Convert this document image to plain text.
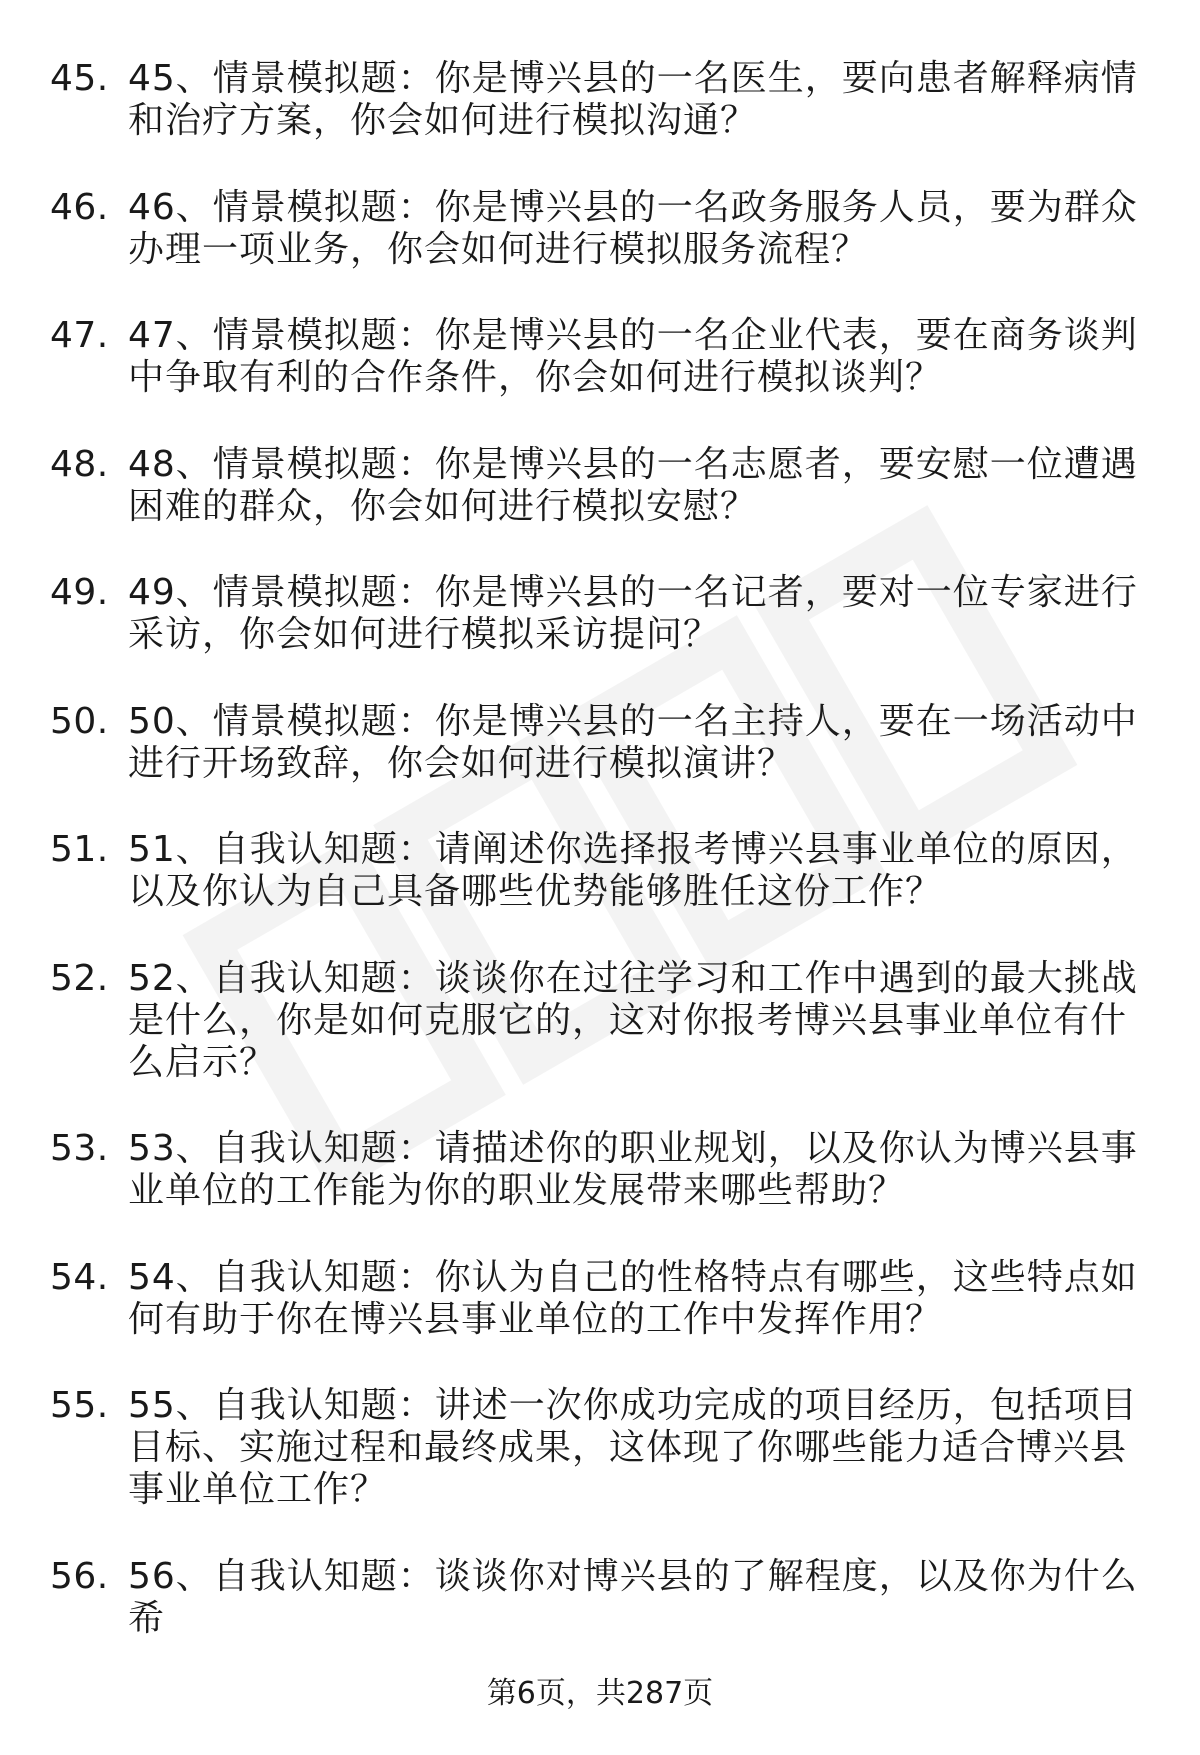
45. 45、情景模拟题：你是博兴县的一名医生，要向患者解释病情和治疗方案，你会如何进行模拟沟通？
46. 46、情景模拟题：你是博兴县的一名政务服务人员，要为群众办理一项业务，你会如何进行模拟服务流程？
47. 47、情景模拟题：你是博兴县的一名企业代表，要在商务谈判中争取有利的合作条件，你会如何进行模拟谈判？
48. 48、情景模拟题：你是博兴县的一名志愿者，要安慰一位遭遇困难的群众，你会如何进行模拟安慰？
49. 49、情景模拟题：你是博兴县的一名记者，要对一位专家进行采访，你会如何进行模拟采访提问？
50. 50、情景模拟题：你是博兴县的一名主持人，要在一场活动中进行开场致辞，你会如何进行模拟演讲？
51. 51、自我认知题：请阐述你选择报考博兴县事业单位的原因，以及你认为自己具备哪些优势能够胜任这份工作？
52. 52、自我认知题：谈谈你在过往学习和工作中遇到的最大挑战是什么，你是如何克服它的，这对你报考博兴县事业单位有什么启示？
53. 53、自我认知题：请描述你的职业规划，以及你认为博兴县事业单位的工作能为你的职业发展带来哪些帮助？
54. 54、自我认知题：你认为自己的性格特点有哪些，这些特点如何有助于你在博兴县事业单位的工作中发挥作用？
55. 55、自我认知题：讲述一次你成功完成的项目经历，包括项目目标、实施过程和最终成果，这体现了你哪些能力适合博兴县事业单位工作？
56. 56、自我认知题：谈谈你对博兴县的了解程度，以及你为什么希
第6页，共287页
